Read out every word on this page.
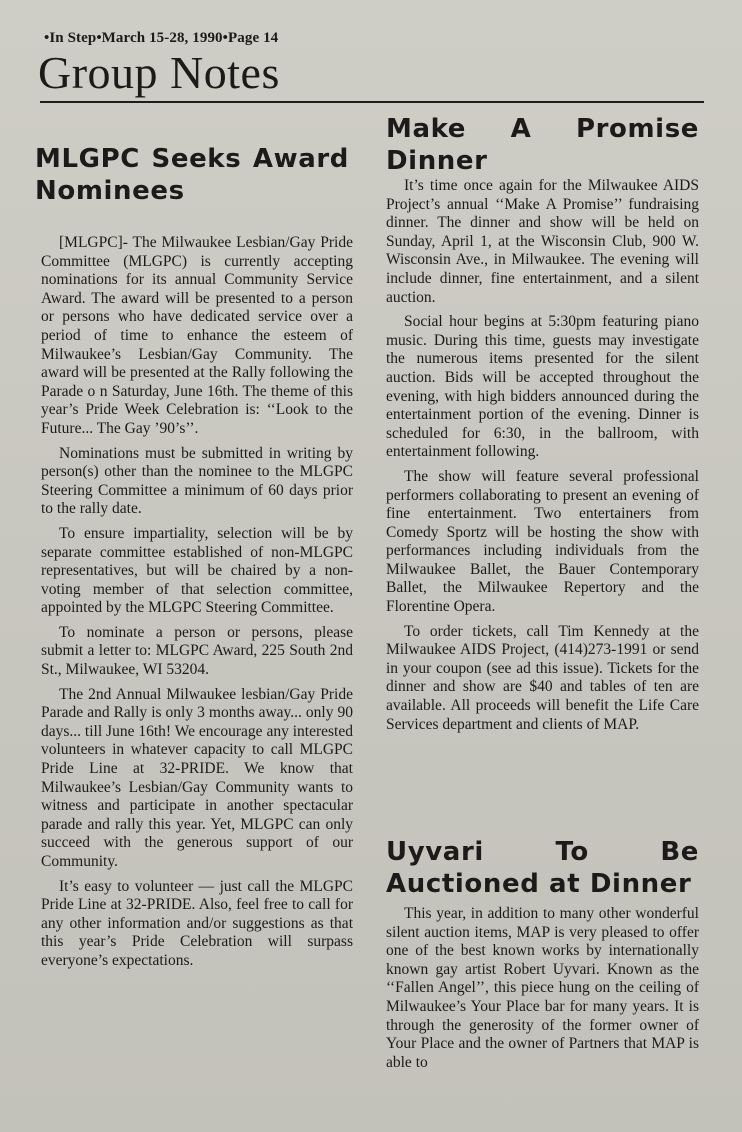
•In Step•March 15-28, 1990•Page 14
Group Notes
MLGPC Seeks Award Nominees

[MLGPC]- The Milwaukee Lesbian/Gay Pride Committee (MLGPC) is currently accepting nominations for its annual Community Service Award. The award will be presented to a person or persons who have dedicated service over a period of time to enhance the esteem of Milwaukee’s Lesbian/Gay Community. The award will be presented at the Rally following the Parade o n Saturday, June 16th. The theme of this year’s Pride Week Celebration is: ‘‘Look to the Future... The Gay ’90’s’’.

Nominations must be submitted in writing by person(s) other than the nominee to the MLGPC Steering Committee a minimum of 60 days prior to the rally date.

To ensure impartiality, selection will be by separate committee established of non-MLGPC representatives, but will be chaired by a non-voting member of that selection committee, appointed by the MLGPC Steering Committee.

To nominate a person or persons, please submit a letter to: MLGPC Award, 225 South 2nd St., Milwaukee, WI 53204.

The 2nd Annual Milwaukee lesbian/Gay Pride Parade and Rally is only 3 months away... only 90 days... till June 16th! We encourage any interested volunteers in whatever capacity to call MLGPC Pride Line at 32-PRIDE. We know that Milwaukee’s Lesbian/Gay Community wants to witness and participate in another spectacular parade and rally this year. Yet, MLGPC can only succeed with the generous support of our Community.

It’s easy to volunteer — just call the MLGPC Pride Line at 32-PRIDE. Also, feel free to call for any other information and/or suggestions as that this year’s Pride Celebration will surpass everyone’s expectations.

Make A Promise Dinner

It’s time once again for the Milwaukee AIDS Project’s annual ‘‘Make A Promise’’ fundraising dinner. The dinner and show will be held on Sunday, April 1, at the Wisconsin Club, 900 W. Wisconsin Ave., in Milwaukee. The evening will include dinner, fine entertainment, and a silent auction.

Social hour begins at 5:30pm featuring piano music. During this time, guests may investigate the numerous items presented for the silent auction. Bids will be accepted throughout the evening, with high bidders announced during the entertainment portion of the evening. Dinner is scheduled for 6:30, in the ballroom, with entertainment following.

The show will feature several professional performers collaborating to present an evening of fine entertainment. Two entertainers from Comedy Sportz will be hosting the show with performances including individuals from the Milwaukee Ballet, the Bauer Contemporary Ballet, the Milwaukee Repertory and the Florentine Opera.

To order tickets, call Tim Kennedy at the Milwaukee AIDS Project, (414)273-1991 or send in your coupon (see ad this issue). Tickets for the dinner and show are $40 and tables of ten are available. All proceeds will benefit the Life Care Services department and clients of MAP.

Uyvari To Be Auctioned at Dinner

This year, in addition to many other wonderful silent auction items, MAP is very pleased to offer one of the best known works by internationally known gay artist Robert Uyvari. Known as the ‘‘Fallen Angel’’, this piece hung on the ceiling of Milwaukee’s Your Place bar for many years. It is through the generosity of the former owner of Your Place and the owner of Partners that MAP is able to
